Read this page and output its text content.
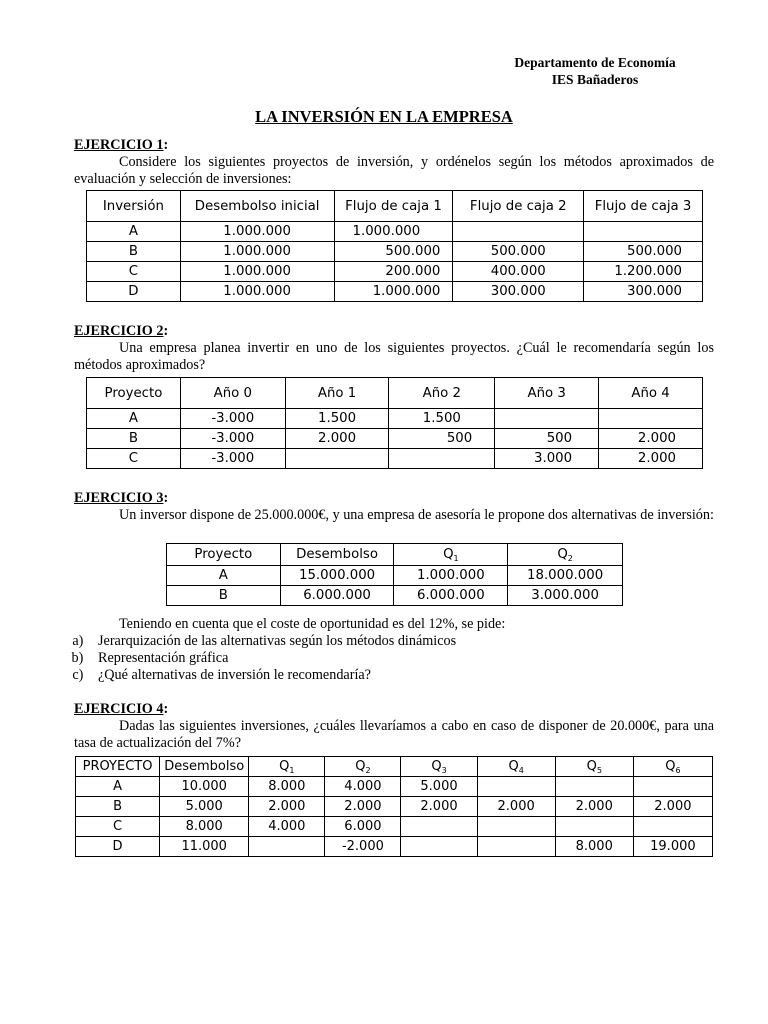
Departamento de Economía
IES Bañaderos
LA INVERSIÓN EN LA EMPRESA
EJERCICIO 1:
Considere los siguientes proyectos de inversión, y ordénelos según los métodos aproximados de evaluación y selección de inversiones:
Inversión	Desembolso inicial	Flujo de caja 1	Flujo de caja 2	Flujo de caja 3
A	1.000.000	1.000.000		
B	1.000.000	500.000	500.000	500.000
C	1.000.000	200.000	400.000	1.200.000
D	1.000.000	1.000.000	300.000	300.000
EJERCICIO 2:
Una empresa planea invertir en uno de los siguientes proyectos. ¿Cuál le recomendaría según los métodos aproximados?
Proyecto	Año 0	Año 1	Año 2	Año 3	Año 4
A	-3.000	1.500	1.500		
B	-3.000	2.000	500	500	2.000
C	-3.000			3.000	2.000
EJERCICIO 3:
Un inversor dispone de 25.000.000€, y una empresa de asesoría le propone dos alternativas de inversión:
Proyecto	Desembolso	$Q_1$	$Q_2$
A	15.000.000	1.000.000	18.000.000
B	6.000.000	6.000.000	3.000.000
Teniendo en cuenta que el coste de oportunidad es del 12%, se pide:
a. Jerarquización de las alternativas según los métodos dinámicos
b. Representación gráfica
c. ¿Qué alternativas de inversión le recomendaría?
EJERCICIO 4:
Dadas las siguientes inversiones, ¿cuáles llevaríamos a cabo en caso de disponer de 20.000€, para una tasa de actualización del 7%?
PROYECTO	Desembolso	$Q_1$	$Q_2$	$Q_3$	$Q_4$	$Q_5$	$Q_6$
A	10.000	8.000	4.000	5.000			
B	5.000	2.000	2.000	2.000	2.000	2.000	2.000
C	8.000	4.000	6.000				
D	11.000		-2.000			8.000	19.000
